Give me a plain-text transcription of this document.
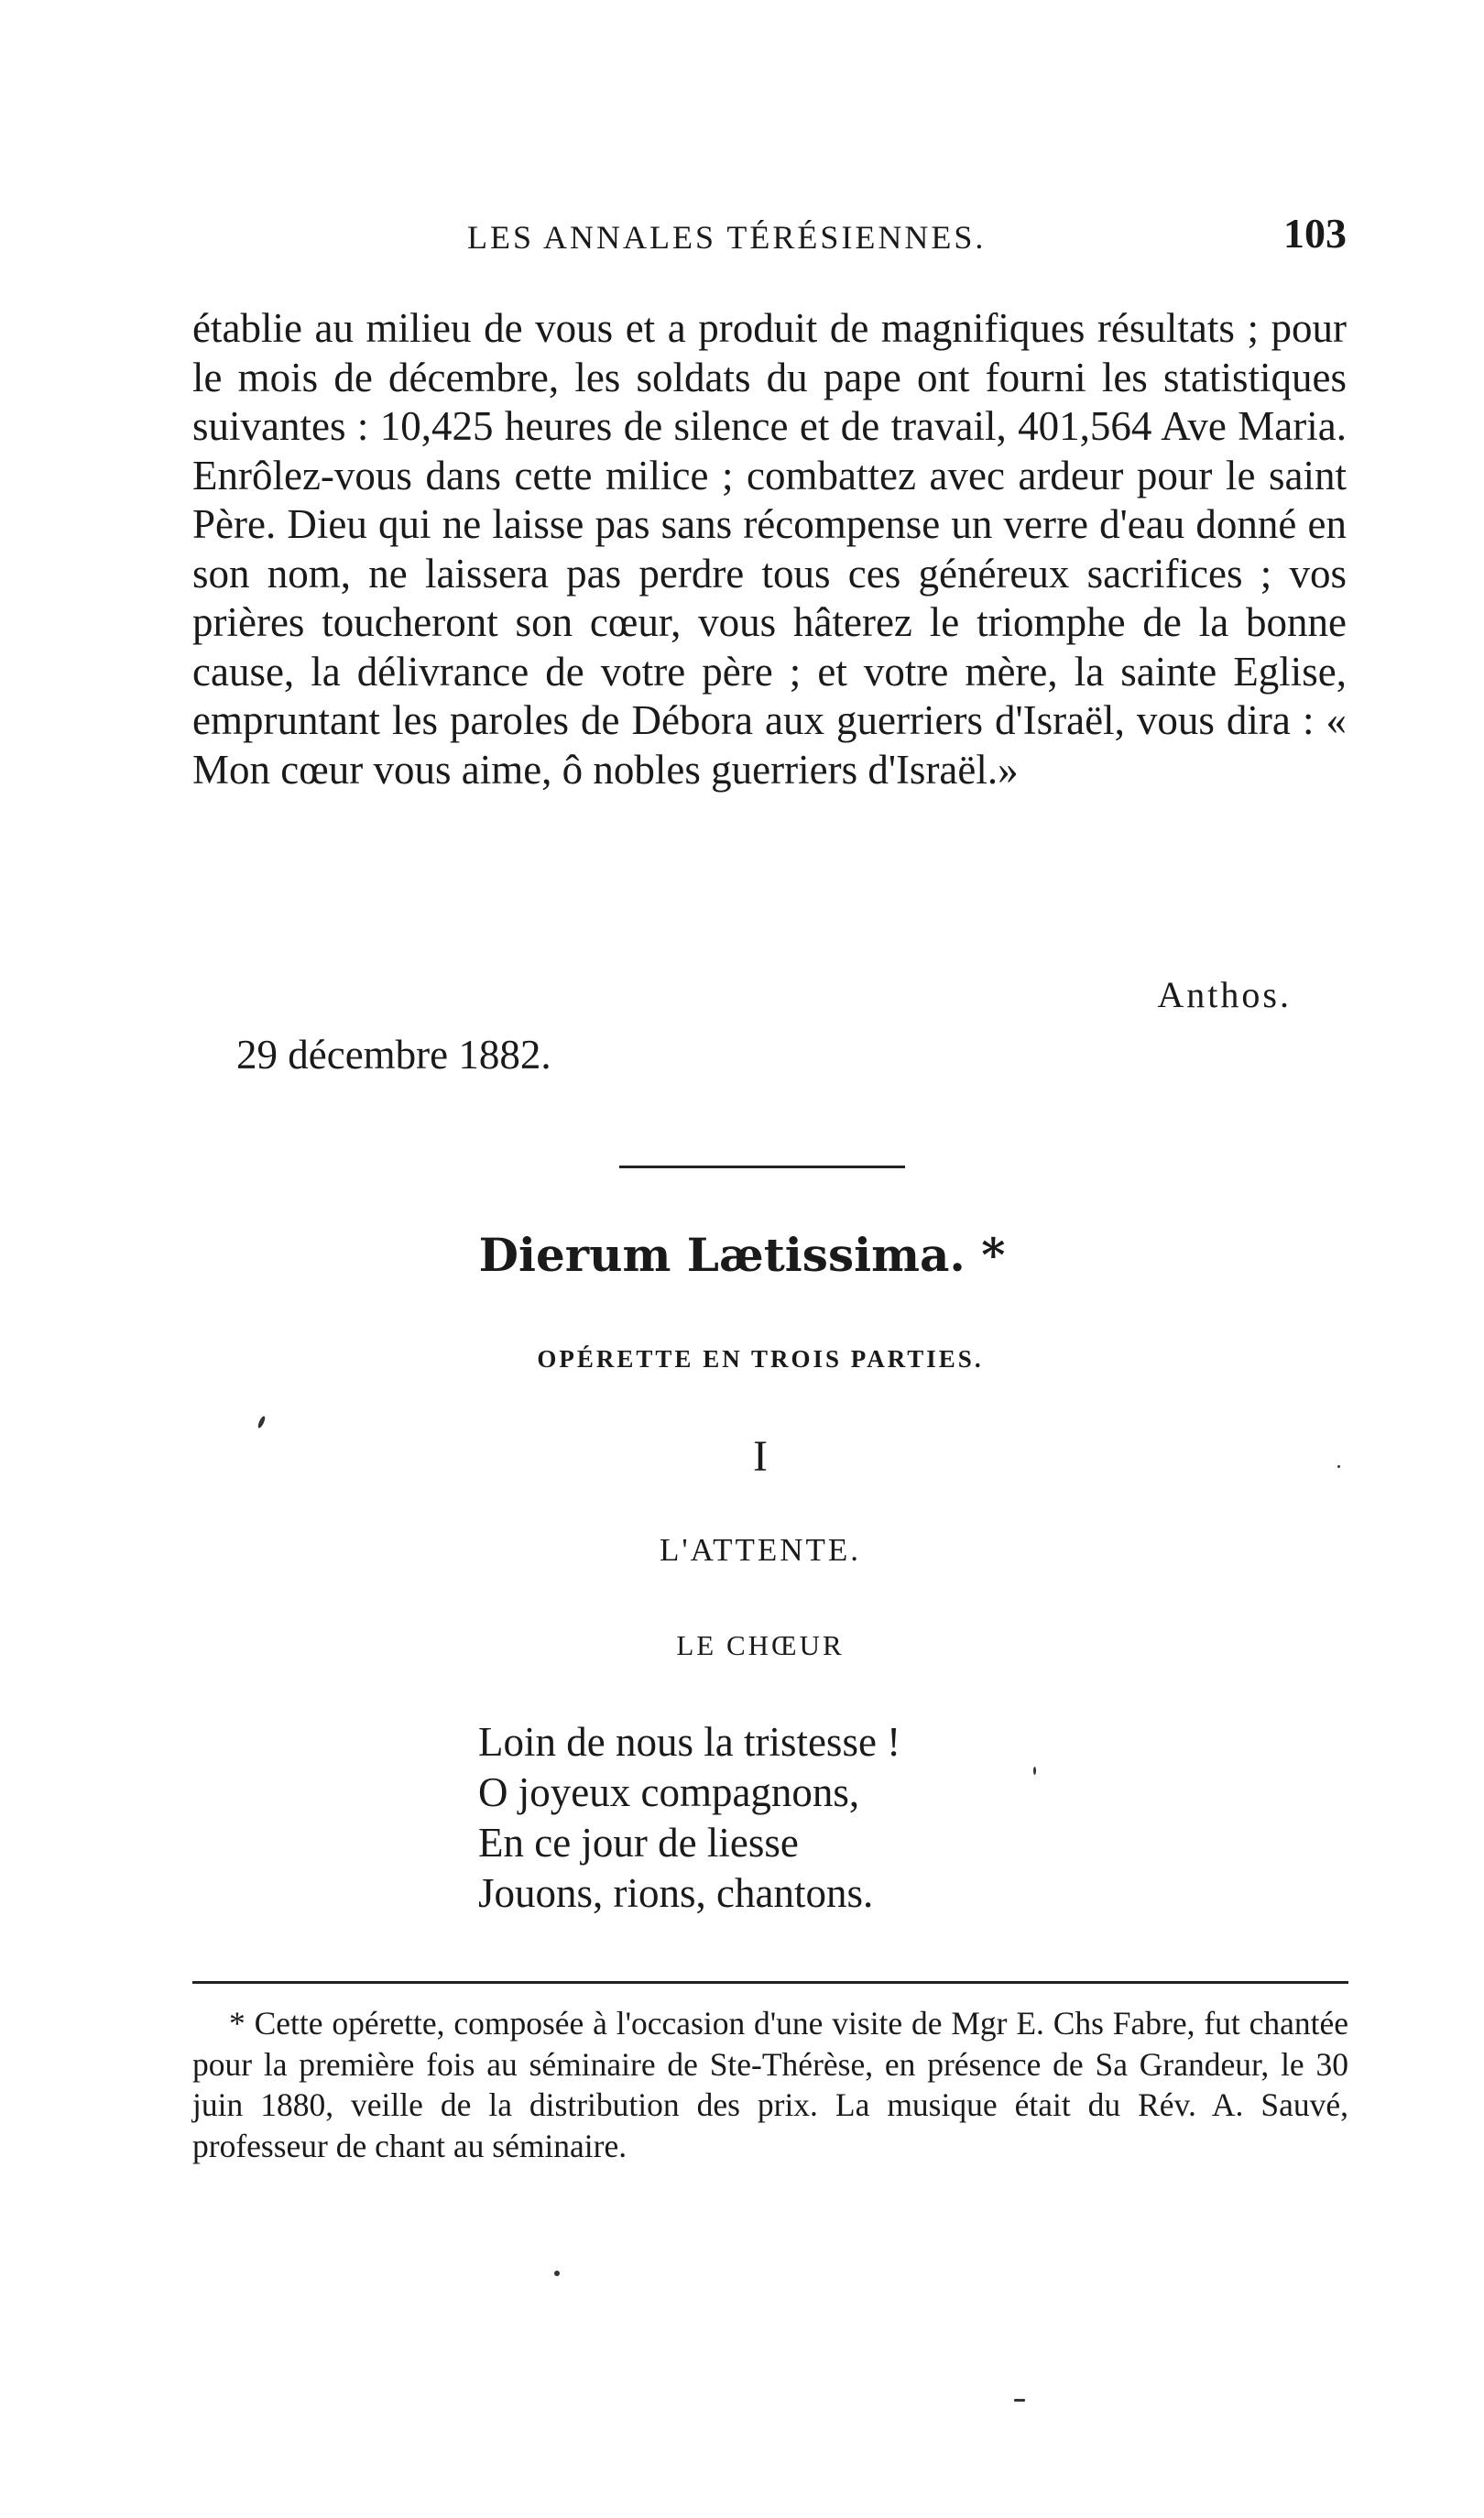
LES ANNALES TÉRÉSIENNES.	103

établie au milieu de vous et a produit de magnifiques résultats ; pour le mois de décembre, les soldats du pape ont fourni les statistiques suivantes : 10,425 heures de silence et de travail, 401,564 Ave Maria. Enrôlez-vous dans cette milice ; combattez avec ardeur pour le saint Père. Dieu qui ne laisse pas sans récompense un verre d'eau donné en son nom, ne laissera pas perdre tous ces généreux sacrifices ; vos prières toucheront son cœur, vous hâterez le triomphe de la bonne cause, la délivrance de votre père ; et votre mère, la sainte Eglise, empruntant les paroles de Débora aux guerriers d'Israël, vous dira : « Mon cœur vous aime, ô nobles guerriers d'Israël.»

Anthos.
29 décembre 1882.
Dierum Lætissima. *
OPÉRETTE EN TROIS PARTIES.
I
L'ATTENTE.
LE CHŒUR
Loin de nous la tristesse !
O joyeux compagnons,
En ce jour de liesse
Jouons, rions, chantons.

* Cette opérette, composée à l'occasion d'une visite de Mgr E. Chs Fabre, fut chantée pour la première fois au séminaire de Ste-Thérèse, en présence de Sa Grandeur, le 30 juin 1880, veille de la distribution des prix. La musique était du Rév. A. Sauvé, professeur de chant au séminaire.
